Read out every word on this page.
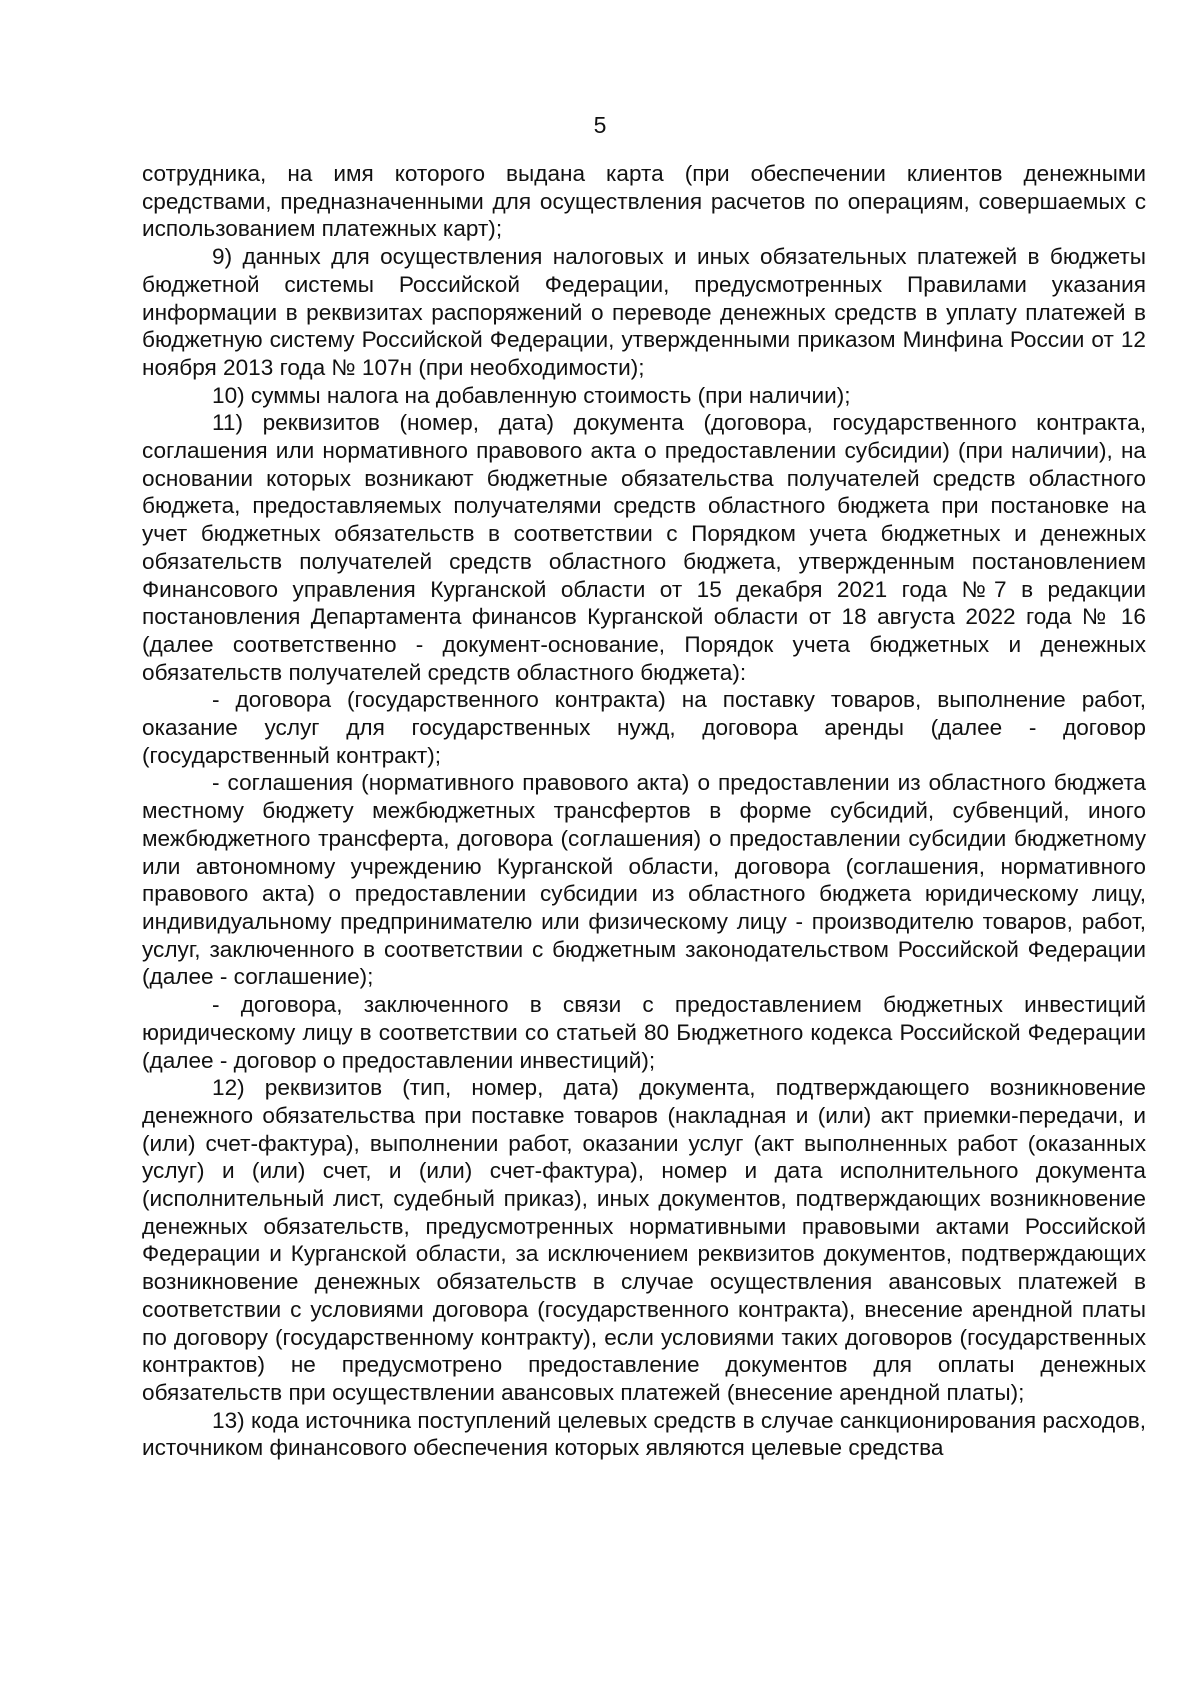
5

сотрудника, на имя которого выдана карта (при обеспечении клиентов денежными средствами, предназначенными для осуществления расчетов по операциям, совершаемых с использованием платежных карт);

9) данных для осуществления налоговых и иных обязательных платежей в бюджеты бюджетной системы Российской Федерации, предусмотренных Правилами указания информации в реквизитах распоряжений о переводе денежных средств в уплату платежей в бюджетную систему Российской Федерации, утвержденными приказом Минфина России от 12 ноября 2013 года № 107н (при необходимости);

10) суммы налога на добавленную стоимость (при наличии);

11) реквизитов (номер, дата) документа (договора, государственного контракта, соглашения или нормативного правового акта о предоставлении субсидии) (при наличии), на основании которых возникают бюджетные обязательства получателей средств областного бюджета, предоставляемых получателями средств областного бюджета при постановке на учет бюджетных обязательств в соответствии с Порядком учета бюджетных и денежных обязательств получателей средств областного бюджета, утвержденным постановлением Финансового управления Курганской области от 15 декабря 2021 года №7 в редакции постановления Департамента финансов Курганской области от 18 августа 2022 года № 16 (далее соответственно - документ-основание, Порядок учета бюджетных и денежных обязательств получателей средств областного бюджета):

- договора (государственного контракта) на поставку товаров, выполнение работ, оказание услуг для государственных нужд, договора аренды (далее - договор (государственный контракт);

- соглашения (нормативного правового акта) о предоставлении из областного бюджета местному бюджету межбюджетных трансфертов в форме субсидий, субвенций, иного межбюджетного трансферта, договора (соглашения) о предоставлении субсидии бюджетному или автономному учреждению Курганской области, договора (соглашения, нормативного правового акта) о предоставлении субсидии из областного бюджета юридическому лицу, индивидуальному предпринимателю или физическому лицу - производителю товаров, работ, услуг, заключенного в соответствии с бюджетным законодательством Российской Федерации (далее - соглашение);

- договора, заключенного в связи с предоставлением бюджетных инвестиций юридическому лицу в соответствии со статьей 80 Бюджетного кодекса Российской Федерации (далее - договор о предоставлении инвестиций);

12) реквизитов (тип, номер, дата) документа, подтверждающего возникновение денежного обязательства при поставке товаров (накладная и (или) акт приемки-передачи, и (или) счет-фактура), выполнении работ, оказании услуг (акт выполненных работ (оказанных услуг) и (или) счет, и (или) счет-фактура), номер и дата исполнительного документа (исполнительный лист, судебный приказ), иных документов, подтверждающих возникновение денежных обязательств, предусмотренных нормативными правовыми актами Российской Федерации и Курганской области, за исключением реквизитов документов, подтверждающих возникновение денежных обязательств в случае осуществления авансовых платежей в соответствии с условиями договора (государственного контракта), внесение арендной платы по договору (государственному контракту), если условиями таких договоров (государственных контрактов) не предусмотрено предоставление документов для оплаты денежных обязательств при осуществлении авансовых платежей (внесение арендной платы);

13) кода источника поступлений целевых средств в случае санкционирования расходов, источником финансового обеспечения которых являются целевые средства
